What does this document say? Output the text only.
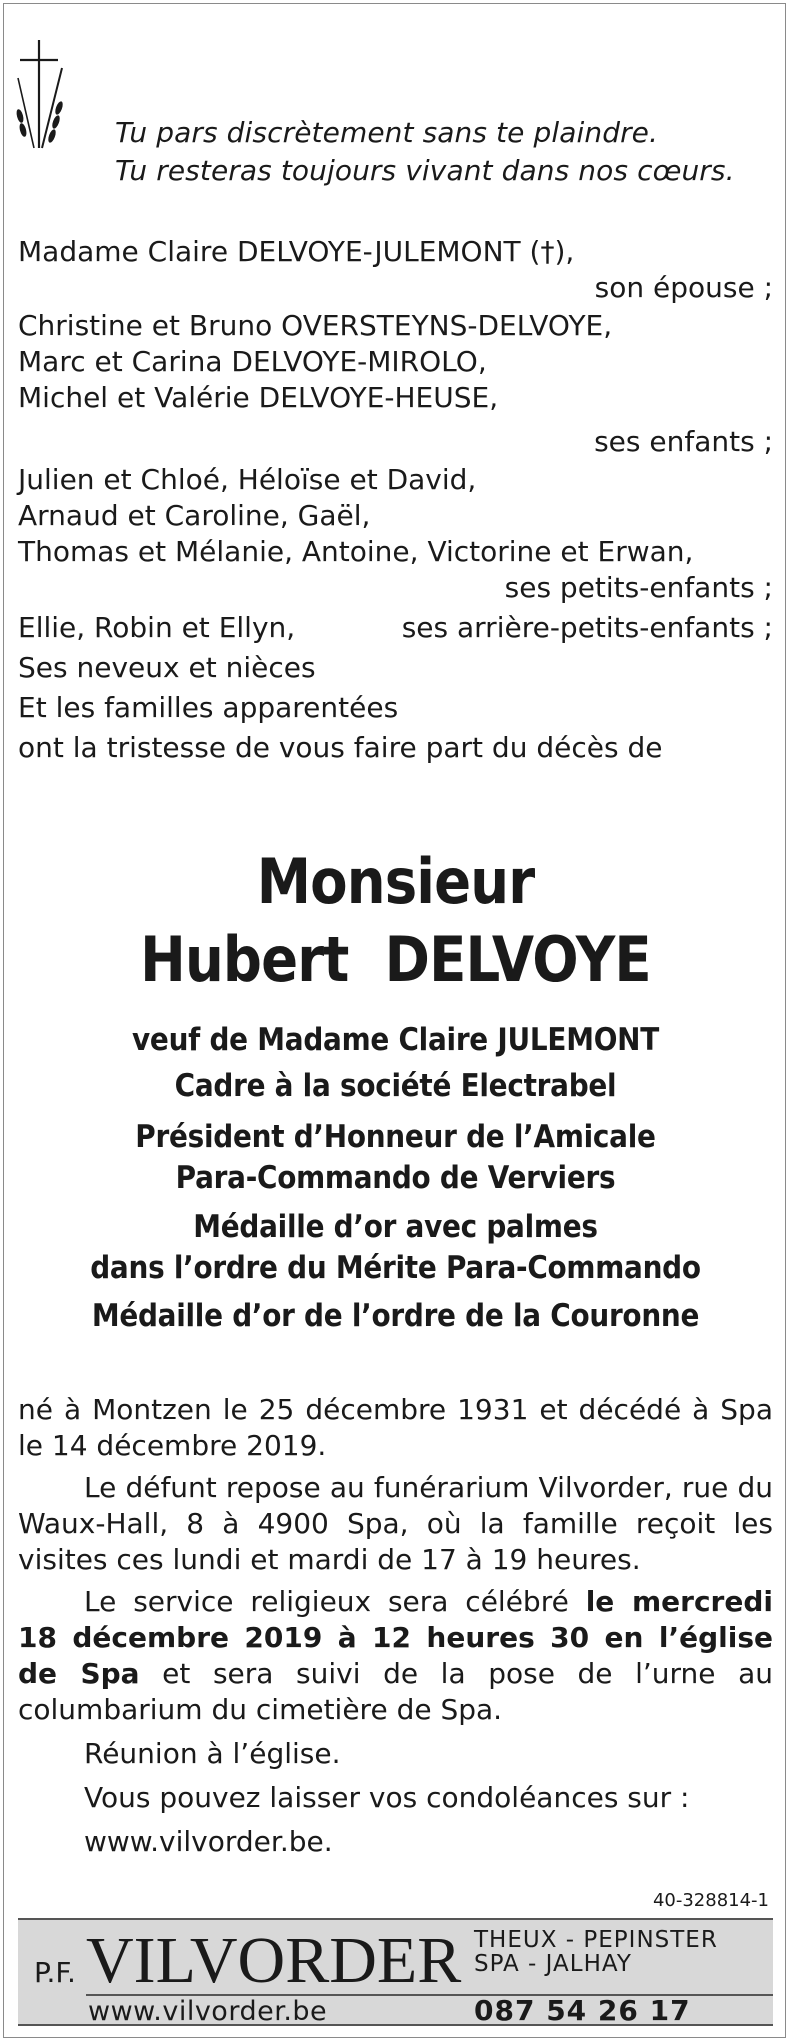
Tu pars discrètement sans te plaindre.
Tu resteras toujours vivant dans nos cœurs.
Madame Claire DELVOYE-JULEMONT (†),
son épouse ;
Christine et Bruno OVERSTEYNS-DELVOYE,
Marc et Carina DELVOYE-MIROLO,
Michel et Valérie DELVOYE-HEUSE,
ses enfants ;
Julien et Chloé, Héloïse et David,
Arnaud et Caroline, Gaël,
Thomas et Mélanie, Antoine, Victorine et Erwan,
ses petits-enfants ;
Ellie, Robin et Ellyn,	ses arrière-petits-enfants ;
Ses neveux et nièces
Et les familles apparentées
ont la tristesse de vous faire part du décès de
Monsieur
Hubert  DELVOYE
veuf de Madame Claire JULEMONT
Cadre à la société Electrabel
Président d’Honneur de l’Amicale
Para-Commando de Verviers
Médaille d’or avec palmes
dans l’ordre du Mérite Para-Commando
Médaille d’or de l’ordre de la Couronne

né à Montzen le 25 décembre 1931 et décédé à Spa le 14 décembre 2019.

Le défunt repose au funérarium Vilvorder, rue du Waux-Hall, 8 à 4900 Spa, où la famille reçoit les visites ces lundi et mardi de 17 à 19 heures.

Le service religieux sera célébré le mercredi 18 décembre 2019 à 12 heures 30 en l’église de Spa et sera suivi de la pose de l’urne au columbarium du cimetière de Spa.

Réunion à l’église.

Vous pouvez laisser vos condoléances sur :

www.vilvorder.be.

40-328814-1
P.F. VILVORDER THEUX - PEPINSTER
SPA - JALHAY
www.vilvorder.be	087 54 26 17
